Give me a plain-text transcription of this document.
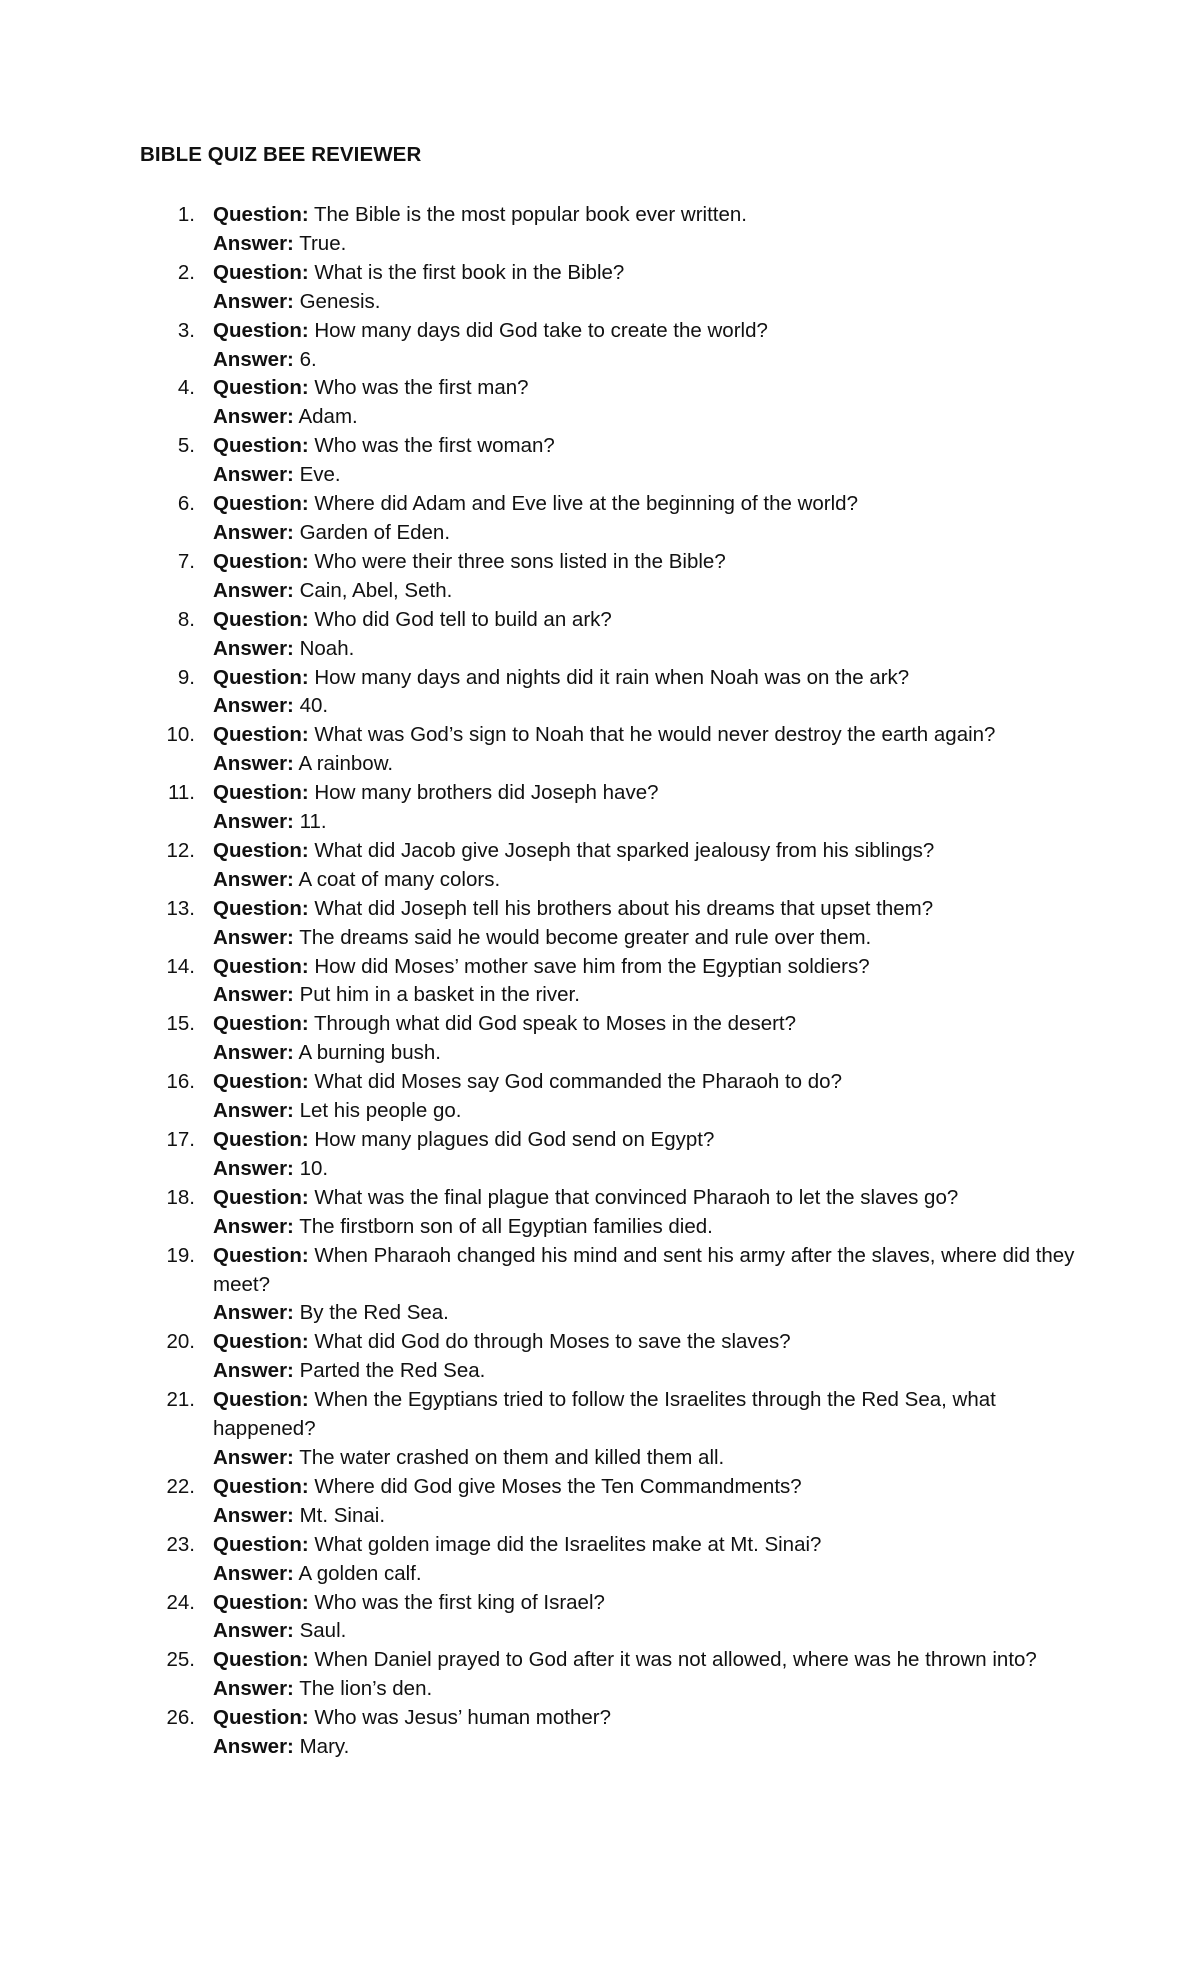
BIBLE QUIZ BEE REVIEWER
1. Question: The Bible is the most popular book ever written.
Answer: True.
2. Question: What is the first book in the Bible?
Answer: Genesis.
3. Question: How many days did God take to create the world?
Answer: 6.
4. Question: Who was the first man?
Answer: Adam.
5. Question: Who was the first woman?
Answer: Eve.
6. Question: Where did Adam and Eve live at the beginning of the world?
Answer: Garden of Eden.
7. Question: Who were their three sons listed in the Bible?
Answer: Cain, Abel, Seth.
8. Question: Who did God tell to build an ark?
Answer: Noah.
9. Question: How many days and nights did it rain when Noah was on the ark?
Answer: 40.
10. Question: What was God’s sign to Noah that he would never destroy the earth again?
Answer: A rainbow.
11. Question: How many brothers did Joseph have?
Answer: 11.
12. Question: What did Jacob give Joseph that sparked jealousy from his siblings?
Answer: A coat of many colors.
13. Question: What did Joseph tell his brothers about his dreams that upset them?
Answer: The dreams said he would become greater and rule over them.
14. Question: How did Moses’ mother save him from the Egyptian soldiers?
Answer: Put him in a basket in the river.
15. Question: Through what did God speak to Moses in the desert?
Answer: A burning bush.
16. Question: What did Moses say God commanded the Pharaoh to do?
Answer: Let his people go.
17. Question: How many plagues did God send on Egypt?
Answer: 10.
18. Question: What was the final plague that convinced Pharaoh to let the slaves go?
Answer: The firstborn son of all Egyptian families died.
19. Question: When Pharaoh changed his mind and sent his army after the slaves, where did they meet?
Answer: By the Red Sea.
20. Question: What did God do through Moses to save the slaves?
Answer: Parted the Red Sea.
21. Question: When the Egyptians tried to follow the Israelites through the Red Sea, what happened?
Answer: The water crashed on them and killed them all.
22. Question: Where did God give Moses the Ten Commandments?
Answer: Mt. Sinai.
23. Question: What golden image did the Israelites make at Mt. Sinai?
Answer: A golden calf.
24. Question: Who was the first king of Israel?
Answer: Saul.
25. Question: When Daniel prayed to God after it was not allowed, where was he thrown into?
Answer: The lion’s den.
26. Question: Who was Jesus’ human mother?
Answer: Mary.
